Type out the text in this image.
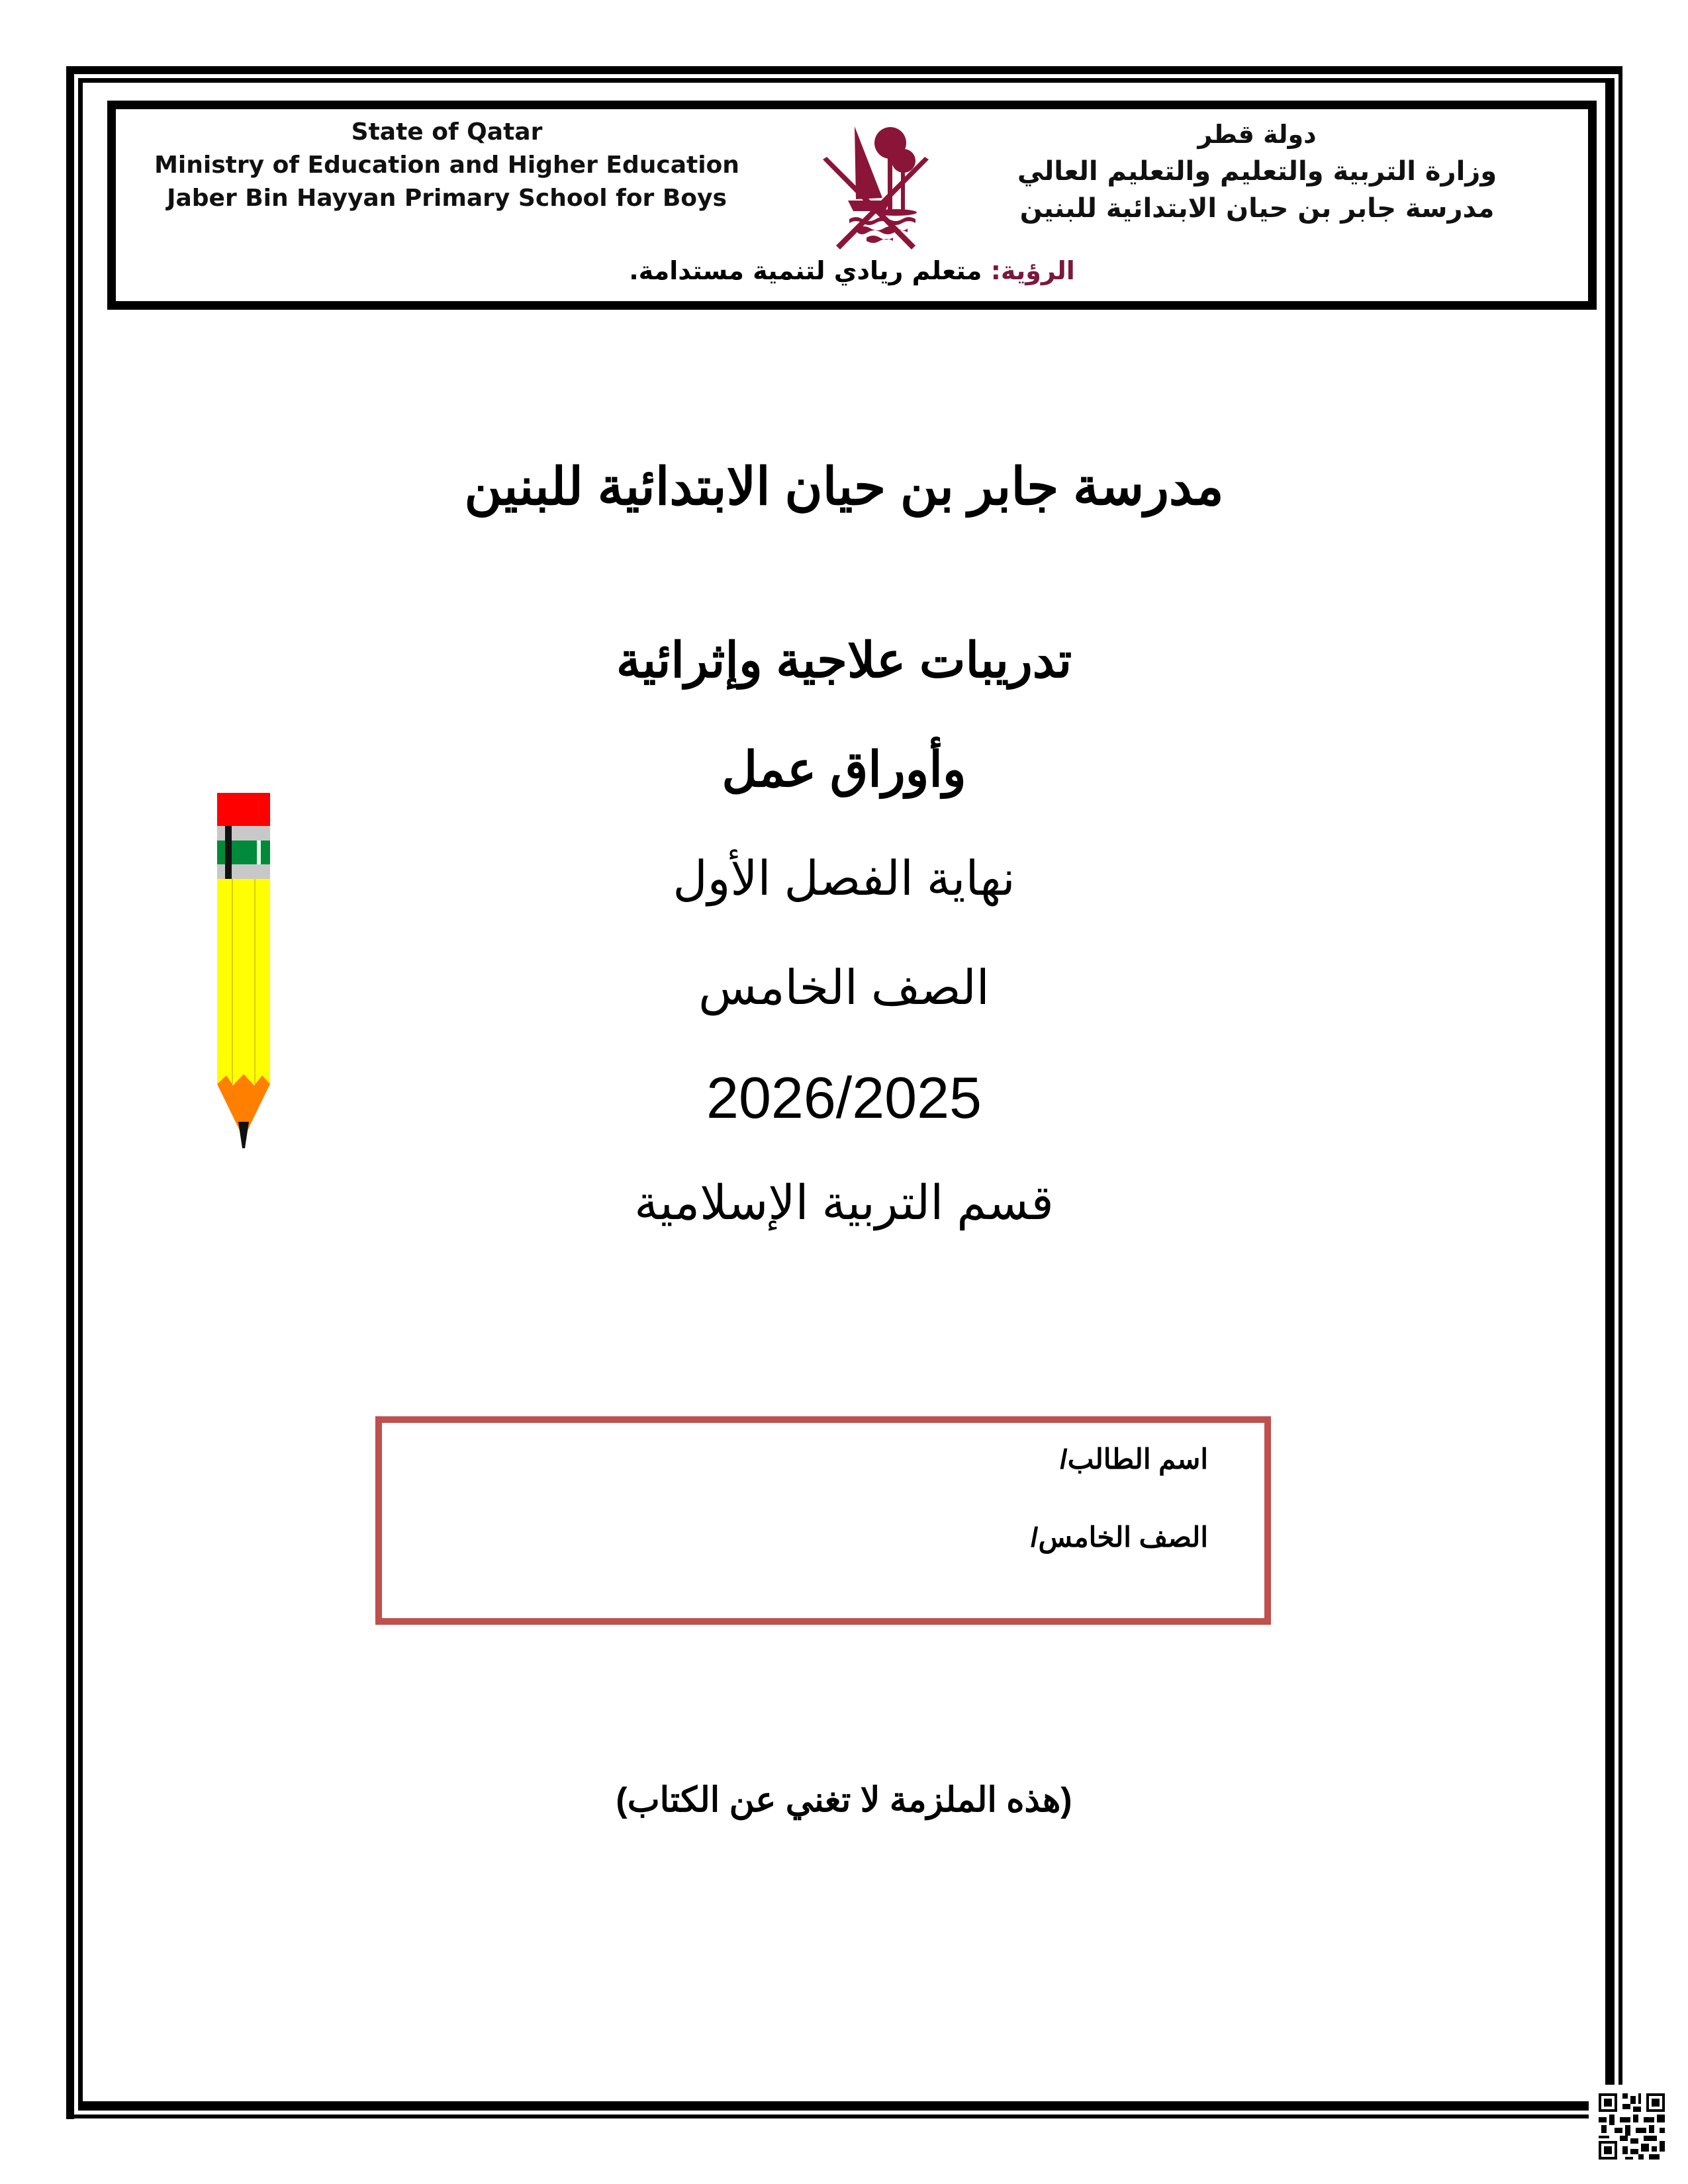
State of Qatar
Ministry of Education and Higher Education
Jaber Bin Hayyan Primary School for Boys
دولة قطر
وزارة التربية والتعليم والتعليم العالي
مدرسة جابر بن حيان الابتدائية للبنين
الرؤية: متعلم ريادي لتنمية مستدامة.
مدرسة جابر بن حيان الابتدائية للبنين
تدريبات علاجية وإثرائية
وأوراق عمل
نهاية الفصل الأول
الصف الخامس
2026/2025
قسم التربية الإسلامية
اسم الطالب/
الصف الخامس/
(هذه الملزمة لا تغني عن الكتاب)
